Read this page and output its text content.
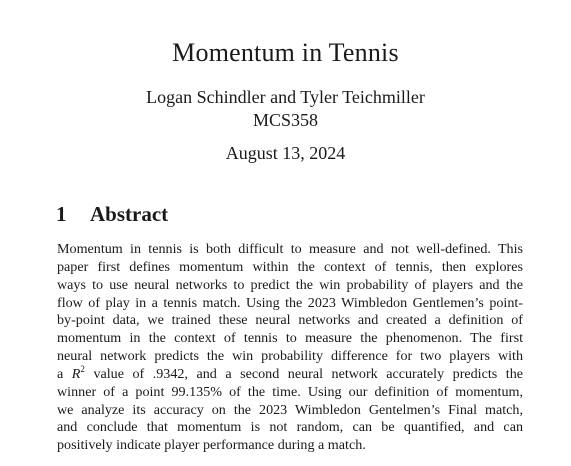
Momentum in Tennis
Logan Schindler and Tyler Teichmiller
MCS358
August 13, 2024
1 Abstract
Momentum in tennis is both difficult to measure and not well-defined. This
paper first defines momentum within the context of tennis, then explores
ways to use neural networks to predict the win probability of players and the
flow of play in a tennis match. Using the 2023 Wimbledon Gentlemen’s point-
by-point data, we trained these neural networks and created a definition of
momentum in the context of tennis to measure the phenomenon. The first
neural network predicts the win probability difference for two players with
a $R^2$ value of .9342, and a second neural network accurately predicts the
winner of a point 99.135% of the time. Using our definition of momentum,
we analyze its accuracy on the 2023 Wimbledon Gentelmen’s Final match,
and conclude that momentum is not random, can be quantified, and can
positively indicate player performance during a match.
